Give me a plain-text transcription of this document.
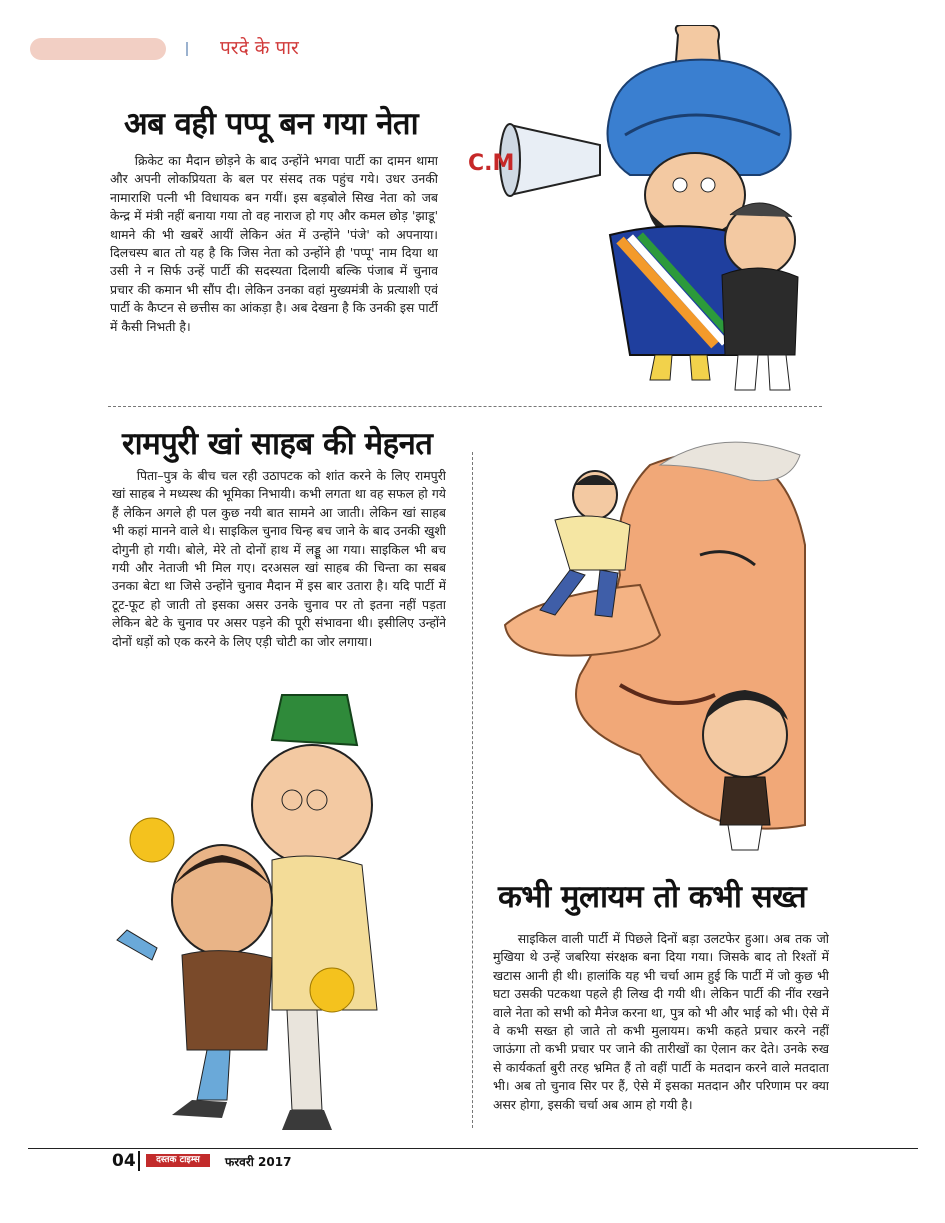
परदे के पार
अब वही पप्पू बन गया नेता
क्रिकेट का मैदान छोड़ने के बाद उन्होंने भगवा पार्टी का दामन थामा और अपनी लोकप्रियता के बल पर संसद तक पहुंच गये। उधर उनकी नामाराशि पत्नी भी विधायक बन गयीं। इस बड़बोले सिख नेता को जब केन्द्र में मंत्री नहीं बनाया गया तो वह नाराज हो गए और कमल छोड़ 'झाडू' थामने की भी खबरें आयीं लेकिन अंत में उन्होंने 'पंजे' को अपनाया। दिलचस्प बात तो यह है कि जिस नेता को उन्होंने ही 'पप्पू' नाम दिया था उसी ने न सिर्फ उन्हें पार्टी की सदस्यता दिलायी बल्कि पंजाब में चुनाव प्रचार की कमान भी सौंप दी। लेकिन उनका वहां मुख्यमंत्री के प्रत्याशी एवं पार्टी के कैप्टन से छत्तीस का आंकड़ा है। अब देखना है कि उनकी इस पार्टी में कैसी निभती है।
C.M
रामपुरी खां साहब की मेहनत
पिता–पुत्र के बीच चल रही उठापटक को शांत करने के लिए रामपुरी खां साहब ने मध्यस्थ की भूमिका निभायी। कभी लगता था वह सफल हो गये हैं लेकिन अगले ही पल कुछ नयी बात सामने आ जाती। लेकिन खां साहब भी कहां मानने वाले थे। साइकिल चुनाव चिन्ह बच जाने के बाद उनकी खुशी दोगुनी हो गयी। बोले, मेरे तो दोनों हाथ में लड्डू आ गया। साइकिल भी बच गयी और नेताजी भी मिल गए। दरअसल खां साहब की चिन्ता का सबब उनका बेटा था जिसे उन्होंने चुनाव मैदान में इस बार उतारा है। यदि पार्टी में टूट-फूट हो जाती तो इसका असर उनके चुनाव पर तो इतना नहीं पड़ता लेकिन बेटे के चुनाव पर असर पड़ने की पूरी संभावना थी। इसीलिए उन्होंने दोनों धड़ों को एक करने के लिए एड़ी चोटी का जोर लगाया।
कभी मुलायम तो कभी सख्त
साइकिल वाली पार्टी में पिछले दिनों बड़ा उलटफेर हुआ। अब तक जो मुखिया थे उन्हें जबरिया संरक्षक बना दिया गया। जिसके बाद तो रिश्तों में खटास आनी ही थी। हालांकि यह भी चर्चा आम हुई कि पार्टी में जो कुछ भी घटा उसकी पटकथा पहले ही लिख दी गयी थी। लेकिन पार्टी की नींव रखने वाले नेता को सभी को मैनेज करना था, पुत्र को भी और भाई को भी। ऐसे में वे कभी सख्त हो जाते तो कभी मुलायम। कभी कहते प्रचार करने नहीं जाऊंगा तो कभी प्रचार पर जाने की तारीखों का ऐलान कर देते। उनके रुख से कार्यकर्ता बुरी तरह भ्रमित हैं तो वहीं पार्टी के मतदान करने वाले मतदाता भी। अब तो चुनाव सिर पर हैं, ऐसे में इसका मतदान और परिणाम पर क्या असर होगा, इसकी चर्चा अब आम हो गयी है।
04	दस्तक टाइम्स	फरवरी 2017
